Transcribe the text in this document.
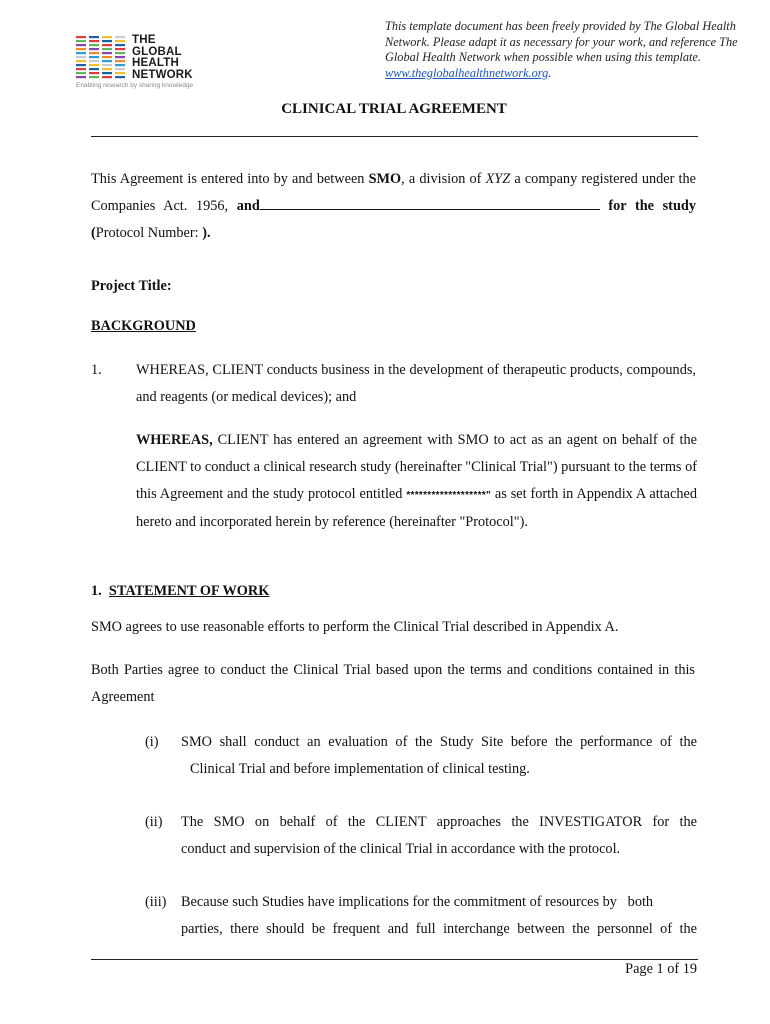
THE
GLOBAL
HEALTH
NETWORK
Enabling research by sharing knowledge
This template document has been freely provided by The Global Health Network. Please adapt it as necessary for your work, and reference The Global Health Network when possible when using this template. www.theglobalhealthnetwork.org.
CLINICAL TRIAL AGREEMENT
This Agreement is entered into by and between SMO, a division of XYZ a company registered under the Companies Act. 1956, and	for the study (Protocol Number: ).
Project Title:
BACKGROUND
1. WHEREAS, CLIENT conducts business in the development of therapeutic products, compounds, and reagents (or medical devices); and
WHEREAS, CLIENT has entered an agreement with SMO to act as an agent on behalf of the CLIENT to conduct a clinical research study (hereinafter "Clinical Trial") pursuant to the terms of this Agreement and the study protocol entitled *******************" as set forth in Appendix A attached hereto and incorporated herein by reference (hereinafter "Protocol").
1. STATEMENT OF WORK
SMO agrees to use reasonable efforts to perform the Clinical Trial described in Appendix A.
Both Parties agree to conduct the Clinical Trial based upon the terms and conditions contained in this Agreement
(i) SMO shall conduct an evaluation of the Study Site before the performance of the
Clinical Trial and before implementation of clinical testing.
(ii) The SMO on behalf of the CLIENT approaches the INVESTIGATOR for the
conduct and supervision of the clinical Trial in accordance with the protocol.
(iii) Because such Studies have implications for the commitment of resources by   both
parties, there should be frequent and full interchange between the personnel of the
Page 1 of 19
